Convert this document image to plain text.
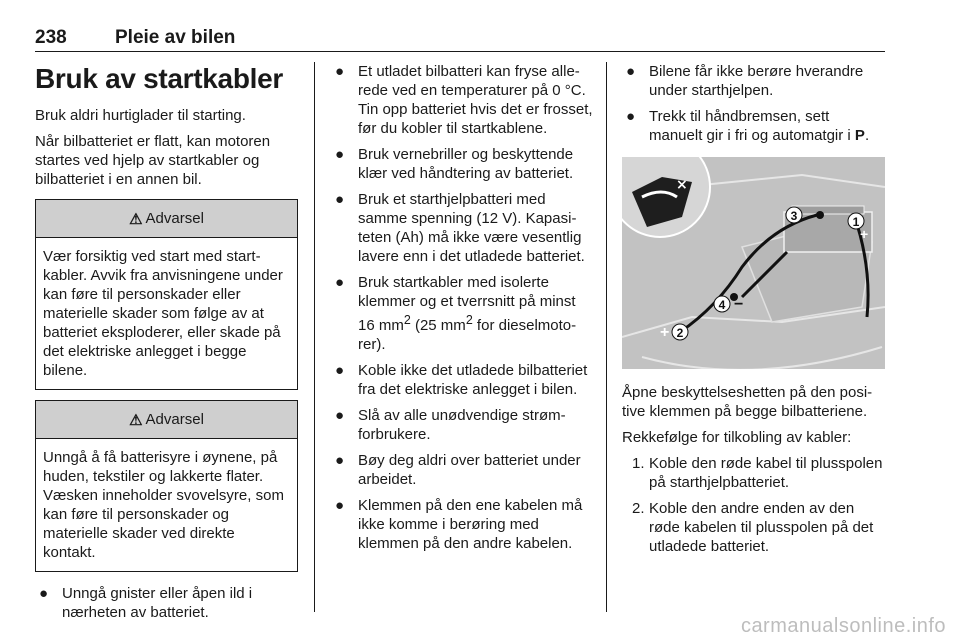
238	Pleie av bilen
Bruk av startkabler

Bruk aldri hurtiglader til starting.

Når bilbatteriet er flatt, kan motoren startes ved hjelp av startkabler og bilbatteriet i en annen bil.

⚠ Advarsel
Vær forsiktig ved start med startkabler. Avvik fra anvisningene under kan føre til personskader eller materielle skader som følge av at batteriet eksploderer, eller skade på det elektriske anlegget i begge bilene.
⚠ Advarsel
Unngå å få batterisyre i øynene, på huden, tekstiler og lakkerte flater. Væsken inneholder svovelsyre, som kan føre til personskader og materielle skader ved direkte kontakt.
● Unngå gnister eller åpen ild i nærheten av batteriet.
● Et utladet bilbatteri kan fryse allerede ved en temperaturer på 0 °C. Tin opp batteriet hvis det er frosset, før du kobler til startkablene.
● Bruk vernebriller og beskyttende klær ved håndtering av batteriet.
● Bruk et starthjelpbatteri med samme spenning (12 V). Kapasiteten (Ah) må ikke være vesentlig lavere enn i det utladede batteriet.
● Bruk startkabler med isolerte klemmer og et tverrsnitt på minst 16 $mm^2$ (25 $mm^2$ for dieselmotorer).
● Koble ikke det utladede bilbatteriet fra det elektriske anlegget i bilen.
● Slå av alle unødvendige strømforbrukere.
● Bøy deg aldri over batteriet under arbeidet.
● Klemmen på den ene kabelen må ikke komme i berøring med klemmen på den andre kabelen.
● Bilene får ikke berøre hverandre under starthjelpen.
● Trekk til håndbremsen, sett manuelt gir i fri og automatgir i P.
×
1
2
3
4
+
+
−

Åpne beskyttelseshetten på den positive klemmen på begge bilbatteriene.

Rekkefølge for tilkobling av kabler:

1. Koble den røde kabel til plusspolen på starthjelpbatteriet.
2. Koble den andre enden av den røde kabelen til plusspolen på det utladede batteriet.
carmanualsonline.info
